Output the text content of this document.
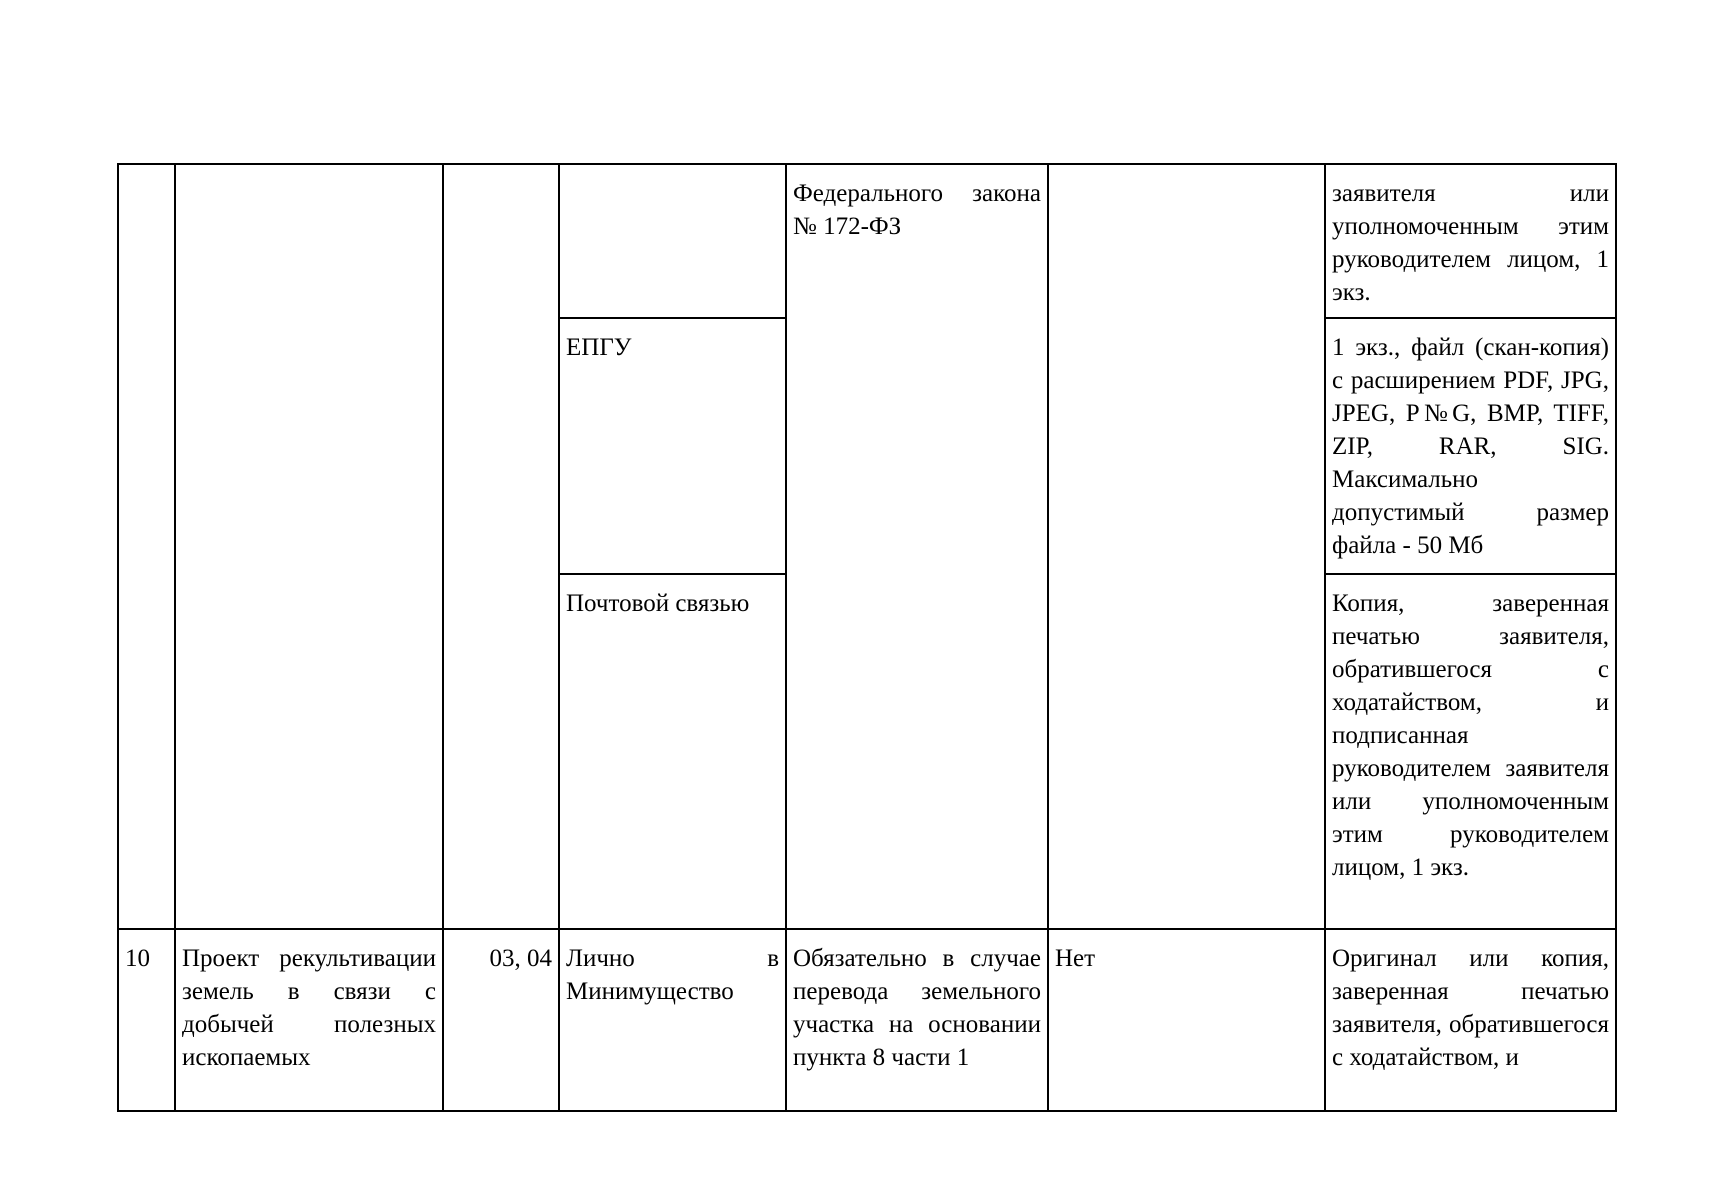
				Федерального закона № 172-ФЗ		заявителя или уполномоченным этим руководителем лицом, 1 экз.
			ЕПГУ			1 экз., файл (скан-копия) с расширением PDF, JPG, JPEG, P№G, BMP, TIFF, ZIP, RAR, SIG. Максимально допустимый размер файла - 50 Мб
			Почтовой связью			Копия, заверенная печатью заявителя, обратившегося с ходатайством, и подписанная руководителем заявителя или уполномоченным этим руководителем лицом, 1 экз.
10	Проект рекультивации земель в связи с добычей полезных ископаемых	03, 04	Лично в Минимущество	Обязательно в случае перевода земельного участка на основании пункта 8 части 1	Нет	Оригинал или копия, заверенная печатью заявителя, обратившегося с ходатайством, и
